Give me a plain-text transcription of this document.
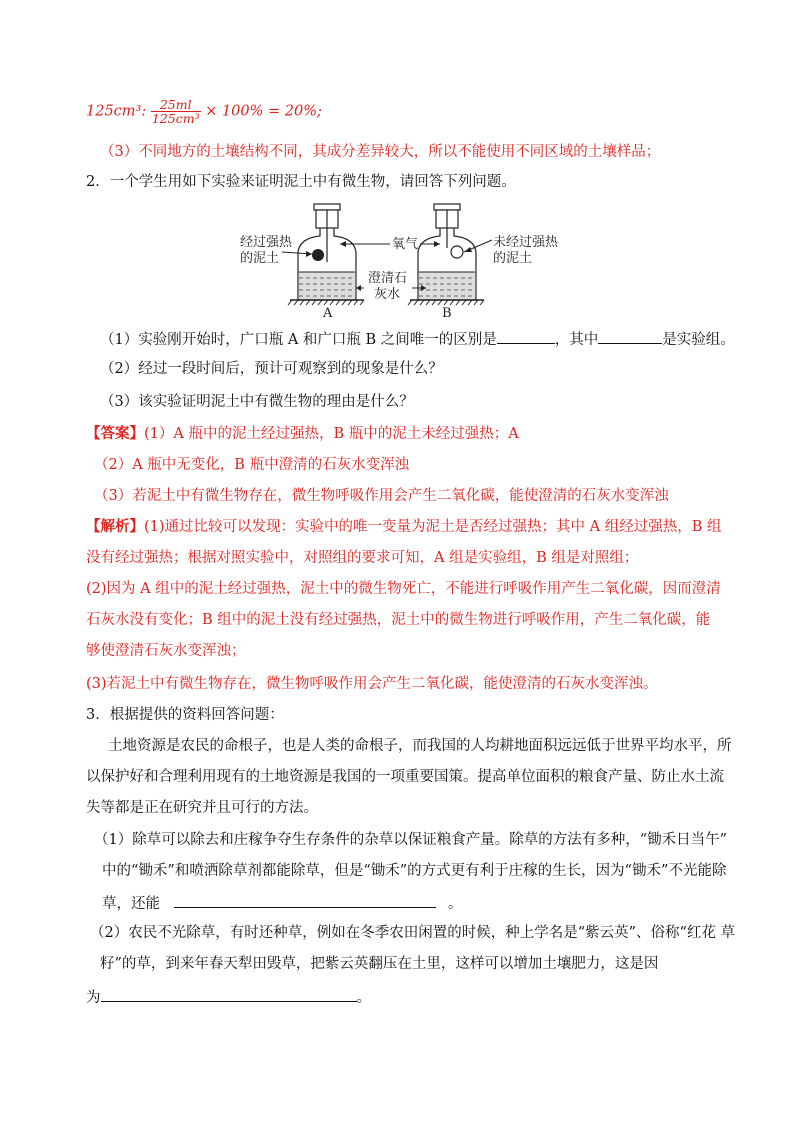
125cm³: $\frac{25ml}{\text{125cm³}} \times 100\% = 20\%$;
（3）不同地方的土壤结构不同，其成分差异较大，所以不能使用不同区域的土壤样品；
2．一个学生用如下实验来证明泥土中有微生物，请回答下列问题。
经过强热
的泥土
氧气	未经过强热
的泥土
澄清石
灰水
A	B
（1）实验刚开始时，广口瓶 A 和广口瓶 B 之间唯一的区别是	，其中	是实验组。
（2）经过一段时间后，预计可观察到的现象是什么？
（3）该实验证明泥土中有微生物的理由是什么？
【答案】(1）A 瓶中的泥土经过强热，B 瓶中的泥土未经过强热；A
（2）A 瓶中无变化，B 瓶中澄清的石灰水变浑浊
（3）若泥土中有微生物存在，微生物呼吸作用会产生二氧化碳，能使澄清的石灰水变浑浊
【解析】(1)通过比较可以发现：实验中的唯一变量为泥土是否经过强热；其中 A 组经过强热，B 组
没有经过强热；根据对照实验中，对照组的要求可知，A 组是实验组，B 组是对照组；
(2)因为 A 组中的泥土经过强热，泥土中的微生物死亡，不能进行呼吸作用产生二氧化碳，因而澄清
石灰水没有变化；B 组中的泥土没有经过强热，泥土中的微生物进行呼吸作用，产生二氧化碳，能
够使澄清石灰水变浑浊；
(3)若泥土中有微生物存在，微生物呼吸作用会产生二氧化碳，能使澄清的石灰水变浑浊。
3．根据提供的资料回答问题：
土地资源是农民的命根子，也是人类的命根子，而我国的人均耕地面积远远低于世界平均水平，所
以保护好和合理利用现有的土地资源是我国的一项重要国策。提高单位面积的粮食产量、防止水土流
失等都是正在研究并且可行的方法。
（1）除草可以除去和庄稼争夺生存条件的杂草以保证粮食产量。除草的方法有多种，“锄禾日当午”
中的“锄禾”和喷洒除草剂都能除草，但是“锄禾”的方式更有利于庄稼的生长，因为“锄禾”不光能除
草，还能	。
（2）农民不光除草，有时还种草，例如在冬季农田闲置的时候，种上学名是“紫云英”、俗称“红花 草
籽”的草，到来年春天犁田毁草，把紫云英翻压在土里，这样可以增加土壤肥力，这是因
为	。
